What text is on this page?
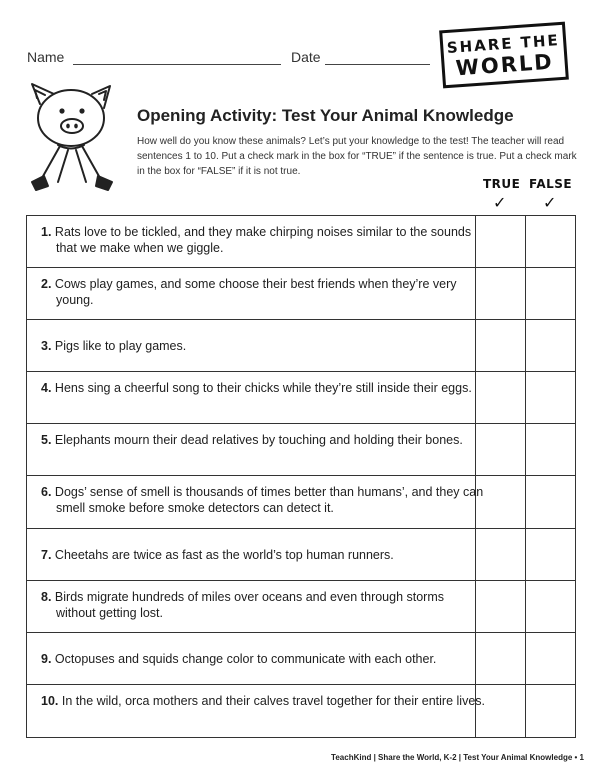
Name	Date
SHARE THE
WORLD
Opening Activity: Test Your Animal Knowledge
How well do you know these animals? Let’s put your knowledge to the test! The teacher will read sentences 1 to 10. Put a check mark in the box for “TRUE” if the sentence is true. Put a check mark in the box for “FALSE” if it is not true.
TRUE FALSE
✓ ✓
1. Rats love to be tickled, and they make chirping noises similar to the sounds that we make when we giggle.
2. Cows play games, and some choose their best friends when they’re very young.
3. Pigs like to play games.
4. Hens sing a cheerful song to their chicks while they’re still inside their eggs.
5. Elephants mourn their dead relatives by touching and holding their bones.
6. Dogs’ sense of smell is thousands of times better than humans’, and they can smell smoke before smoke detectors can detect it.
7. Cheetahs are twice as fast as the world’s top human runners.
8. Birds migrate hundreds of miles over oceans and even through storms without getting lost.
9. Octopuses and squids change color to communicate with each other.
10. In the wild, orca mothers and their calves travel together for their entire lives.
TeachKind | Share the World, K-2 | Test Your Animal Knowledge • 1
